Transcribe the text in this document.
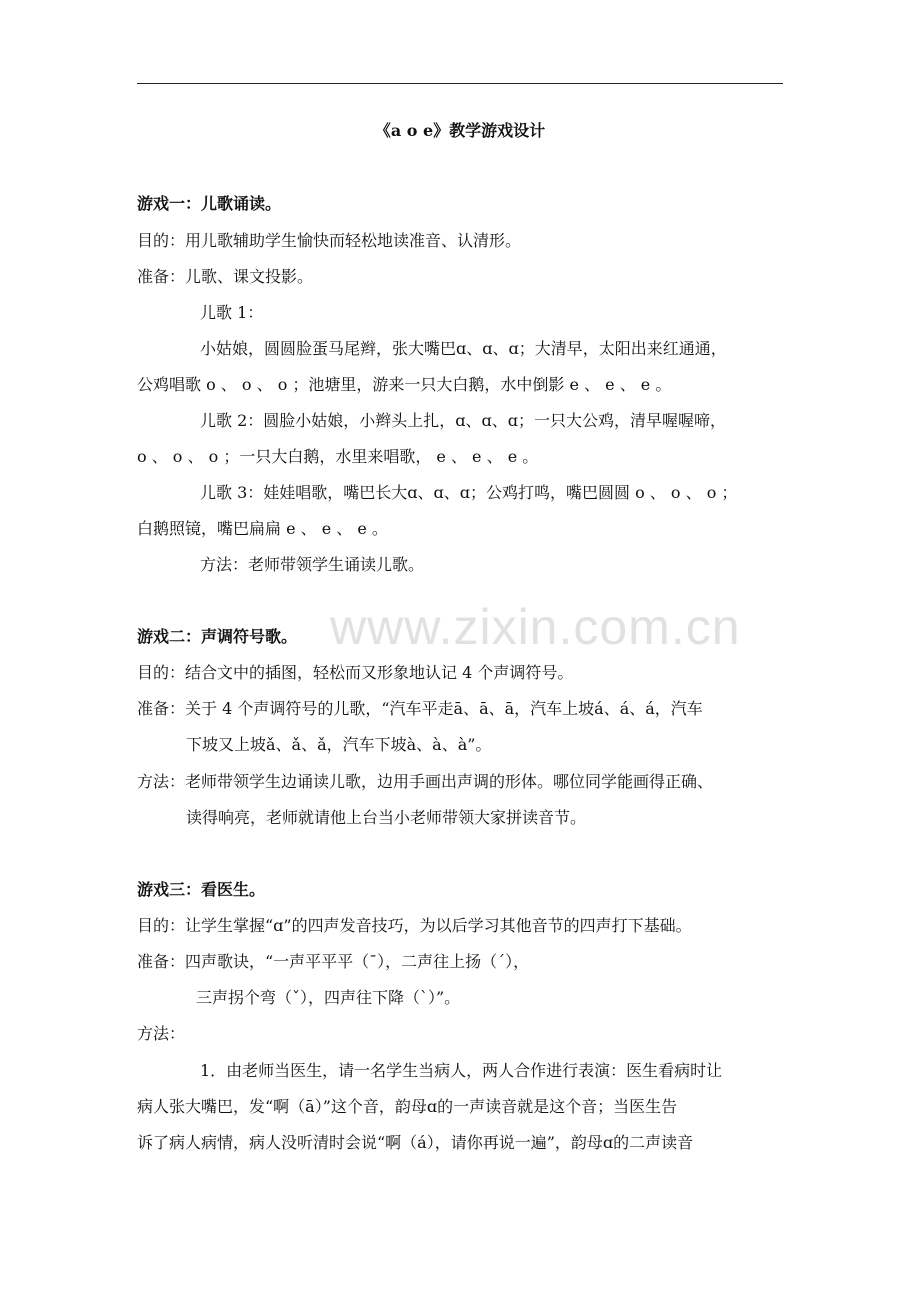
《a o e》教学游戏设计
游戏一：儿歌诵读。
目的：用儿歌辅助学生愉快而轻松地读准音、认清形。
准备：儿歌、课文投影。
儿歌 1：
小姑娘，圆圆脸蛋马尾辫，张大嘴巴ɑ、ɑ、ɑ；大清早，太阳出来红通通，
公鸡唱歌 o 、 o 、 o ；池塘里，游来一只大白鹅，水中倒影 e 、 e 、 e 。
儿歌 2：圆脸小姑娘，小辫头上扎，ɑ、ɑ、ɑ；一只大公鸡，清早喔喔啼，
o 、 o 、 o ；一只大白鹅，水里来唱歌， e 、 e 、 e 。
儿歌 3：娃娃唱歌，嘴巴长大ɑ、ɑ、ɑ；公鸡打鸣，嘴巴圆圆 o 、 o 、 o ；
白鹅照镜，嘴巴扁扁 e 、 e 、 e 。
方法：老师带领学生诵读儿歌。
www.zixin.com.cn
游戏二：声调符号歌。
目的：结合文中的插图，轻松而又形象地认记 4 个声调符号。
准备：关于 4 个声调符号的儿歌，“汽车平走ā、ā、ā，汽车上坡á、á、á，汽车
下坡又上坡ǎ、ǎ、ǎ，汽车下坡à、à、à”。
方法：老师带领学生边诵读儿歌，边用手画出声调的形体。哪位同学能画得正确、
读得响亮，老师就请他上台当小老师带领大家拼读音节。
游戏三：看医生。
目的：让学生掌握“ɑ”的四声发音技巧，为以后学习其他音节的四声打下基础。
准备：四声歌诀，“一声平平平（ˉ），二声往上扬（ˊ），
三声拐个弯（ˇ），四声往下降（ˋ）”。
方法：
1．由老师当医生，请一名学生当病人，两人合作进行表演：医生看病时让
病人张大嘴巴，发“啊（ā）”这个音，韵母ɑ的一声读音就是这个音；当医生告
诉了病人病情，病人没听清时会说“啊（á），请你再说一遍”，韵母ɑ的二声读音
